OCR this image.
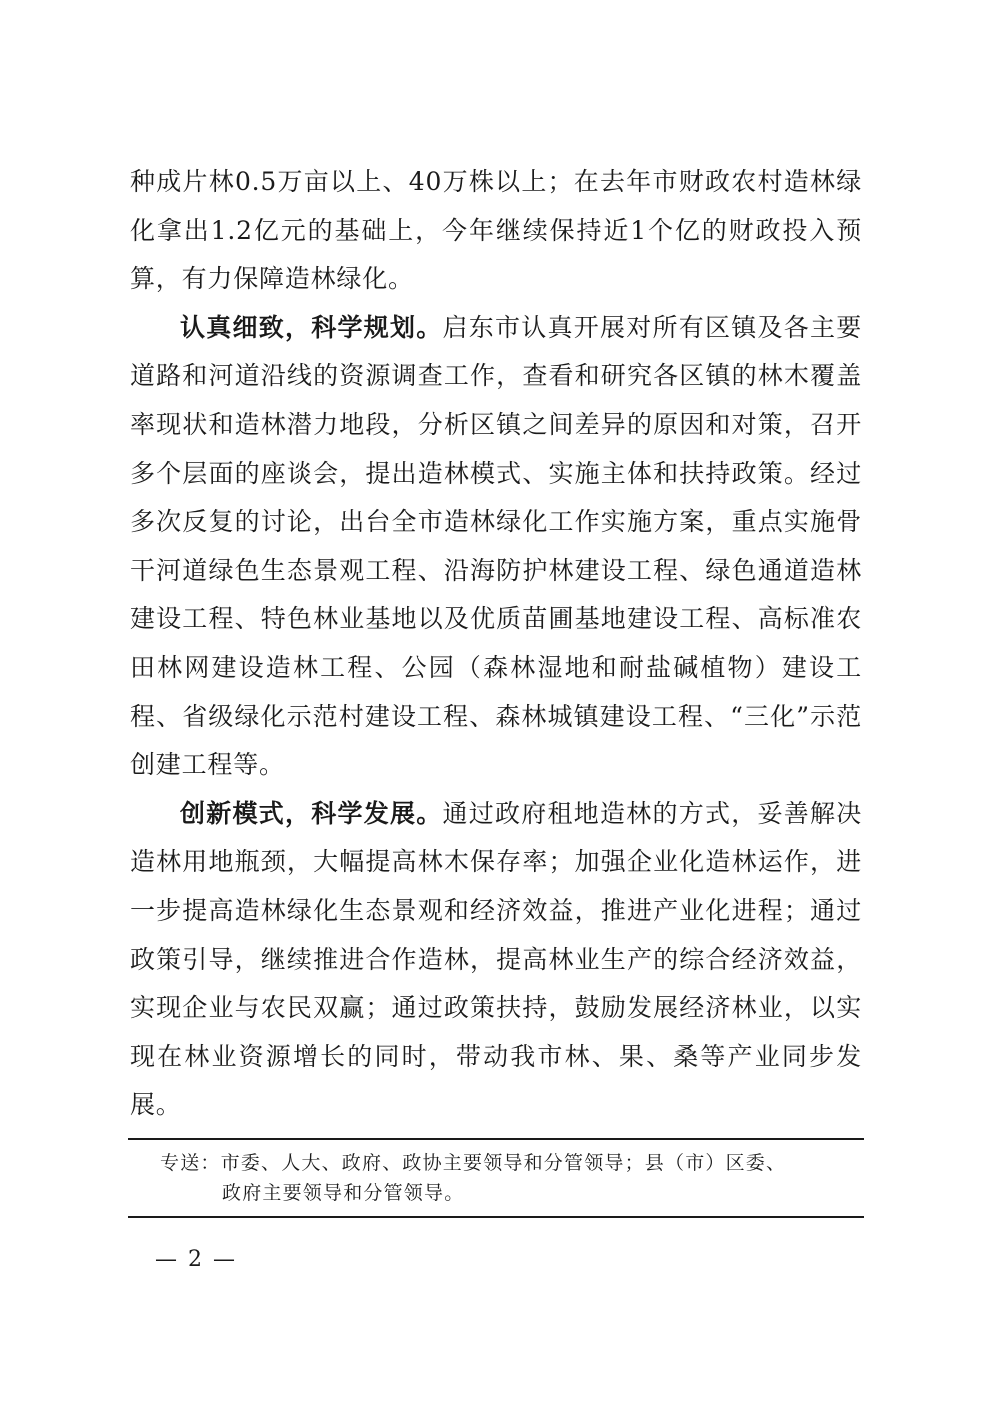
种成片林0.5万亩以上、40万株以上；在去年市财政农村造林绿化拿出1.2亿元的基础上，今年继续保持近1个亿的财政投入预算，有力保障造林绿化。

认真细致，科学规划。启东市认真开展对所有区镇及各主要道路和河道沿线的资源调查工作，查看和研究各区镇的林木覆盖率现状和造林潜力地段，分析区镇之间差异的原因和对策，召开多个层面的座谈会，提出造林模式、实施主体和扶持政策。经过多次反复的讨论，出台全市造林绿化工作实施方案，重点实施骨干河道绿色生态景观工程、沿海防护林建设工程、绿色通道造林建设工程、特色林业基地以及优质苗圃基地建设工程、高标准农田林网建设造林工程、公园（森林湿地和耐盐碱植物）建设工程、省级绿化示范村建设工程、森林城镇建设工程、“三化”示范创建工程等。

创新模式，科学发展。通过政府租地造林的方式，妥善解决造林用地瓶颈，大幅提高林木保存率；加强企业化造林运作，进一步提高造林绿化生态景观和经济效益，推进产业化进程；通过政策引导，继续推进合作造林，提高林业生产的综合经济效益，实现企业与农民双赢；通过政策扶持，鼓励发展经济林业，以实现在林业资源增长的同时，带动我市林、果、桑等产业同步发展。

专送：市委、人大、政府、政协主要领导和分管领导；县（市）区委、
政府主要领导和分管领导。
— 2 —
